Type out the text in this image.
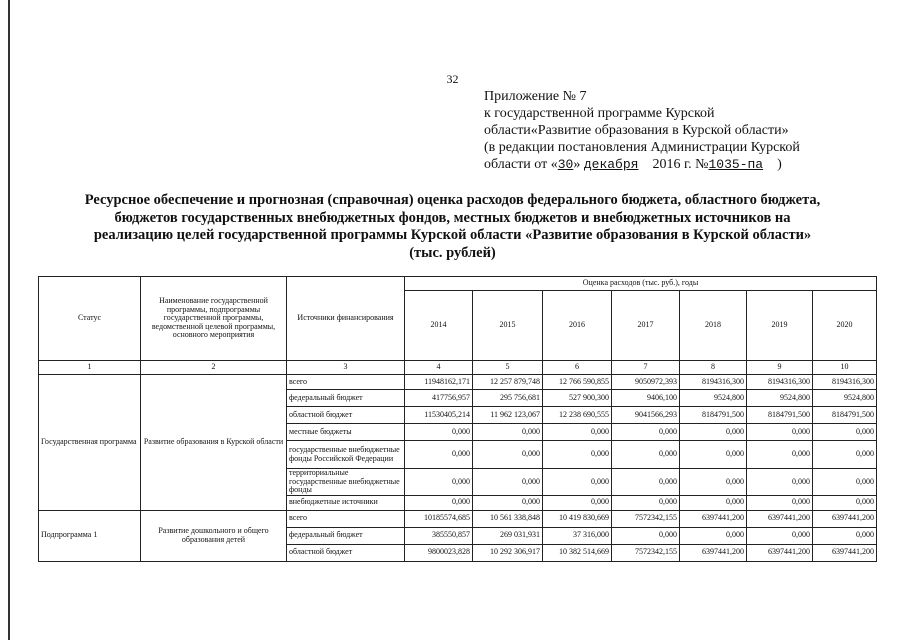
32
Приложение № 7
к государственной программе Курской
области«Развитие образования в Курской области»
(в редакции постановления Администрации Курской
области от «30» декабря 2016 г. №1035-па )
Ресурсное обеспечение и прогнозная (справочная) оценка расходов федерального бюджета, областного бюджета,
бюджетов государственных внебюджетных фондов, местных бюджетов и внебюджетных источников на
реализацию целей государственной программы Курской области «Развитие образования в Курской области»
(тыс. рублей)
Статус	Наименование государственной программы, подпрограммы государственной программы, ведомственной целевой программы, основного мероприятия	Источники финансирования	Оценка расходов (тыс. руб.), годы						
			2014	2015	2016	2017	2018	2019	2020
1	2	3	4	5	6	7	8	9	10
Государственная программа	Развитие образования в Курской области	всего	11948162,171	12 257 879,748	12 766 590,855	9050972,393	8194316,300	8194316,300	8194316,300
		федеральный бюджет	417756,957	295 756,681	527 900,300	9406,100	9524,800	9524,800	9524,800
		областной бюджет	11530405,214	11 962 123,067	12 238 690,555	9041566,293	8184791,500	8184791,500	8184791,500
		местные бюджеты	0,000	0,000	0,000	0,000	0,000	0,000	0,000
		государственные внебюджетные фонды Российской Федерации	0,000	0,000	0,000	0,000	0,000	0,000	0,000
		территориальные государственные внебюджетные фонды	0,000	0,000	0,000	0,000	0,000	0,000	0,000
		внебюджетные источники	0,000	0,000	0,000	0,000	0,000	0,000	0,000
Подпрограмма 1	Развитие дошкольного и общего образования детей	всего	10185574,685	10 561 338,848	10 419 830,669	7572342,155	6397441,200	6397441,200	6397441,200
		федеральный бюджет	385550,857	269 031,931	37 316,000	0,000	0,000	0,000	0,000
		областной бюджет	9800023,828	10 292 306,917	10 382 514,669	7572342,155	6397441,200	6397441,200	6397441,200
